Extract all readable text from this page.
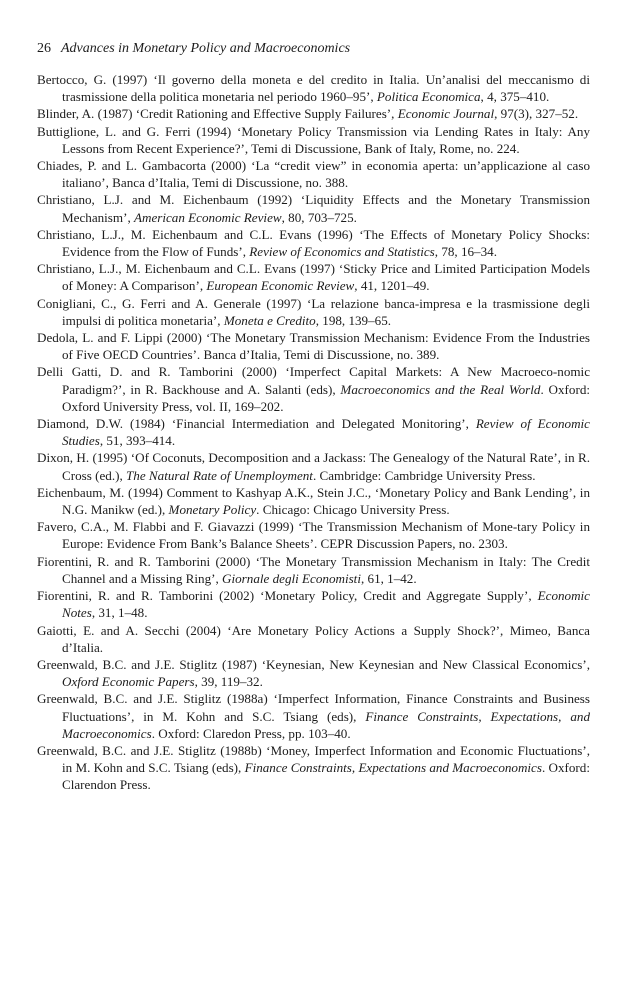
26 Advances in Monetary Policy and Macroeconomics
Bertocco, G. (1997) ‘Il governo della moneta e del credito in Italia. Un’analisi del meccanismo di trasmissione della politica monetaria nel periodo 1960–95’, Politica Economica, 4, 375–410.
Blinder, A. (1987) ‘Credit Rationing and Effective Supply Failures’, Economic Journal, 97(3), 327–52.
Buttiglione, L. and G. Ferri (1994) ‘Monetary Policy Transmission via Lending Rates in Italy: Any Lessons from Recent Experience?’, Temi di Discussione, Bank of Italy, Rome, no. 224.
Chiades, P. and L. Gambacorta (2000) ‘La “credit view” in economia aperta: un’applicazione al caso italiano’, Banca d’Italia, Temi di Discussione, no. 388.
Christiano, L.J. and M. Eichenbaum (1992) ‘Liquidity Effects and the Monetary Transmission Mechanism’, American Economic Review, 80, 703–725.
Christiano, L.J., M. Eichenbaum and C.L. Evans (1996) ‘The Effects of Monetary Policy Shocks: Evidence from the Flow of Funds’, Review of Economics and Statistics, 78, 16–34.
Christiano, L.J., M. Eichenbaum and C.L. Evans (1997) ‘Sticky Price and Limited Participation Models of Money: A Comparison’, European Economic Review, 41, 1201–49.
Conigliani, C., G. Ferri and A. Generale (1997) ‘La relazione banca-impresa e la trasmissione degli impulsi di politica monetaria’, Moneta e Credito, 198, 139–65.
Dedola, L. and F. Lippi (2000) ‘The Monetary Transmission Mechanism: Evidence From the Industries of Five OECD Countries’. Banca d’Italia, Temi di Discussione, no. 389.
Delli Gatti, D. and R. Tamborini (2000) ‘Imperfect Capital Markets: A New Macroeco-nomic Paradigm?’, in R. Backhouse and A. Salanti (eds), Macroeconomics and the Real World. Oxford: Oxford University Press, vol. II, 169–202.
Diamond, D.W. (1984) ‘Financial Intermediation and Delegated Monitoring’, Review of Economic Studies, 51, 393–414.
Dixon, H. (1995) ‘Of Coconuts, Decomposition and a Jackass: The Genealogy of the Natural Rate’, in R. Cross (ed.), The Natural Rate of Unemployment. Cambridge: Cambridge University Press.
Eichenbaum, M. (1994) Comment to Kashyap A.K., Stein J.C., ‘Monetary Policy and Bank Lending’, in N.G. Manikw (ed.), Monetary Policy. Chicago: Chicago University Press.
Favero, C.A., M. Flabbi and F. Giavazzi (1999) ‘The Transmission Mechanism of Mone-tary Policy in Europe: Evidence From Bank’s Balance Sheets’. CEPR Discussion Papers, no. 2303.
Fiorentini, R. and R. Tamborini (2000) ‘The Monetary Transmission Mechanism in Italy: The Credit Channel and a Missing Ring’, Giornale degli Economisti, 61, 1–42.
Fiorentini, R. and R. Tamborini (2002) ‘Monetary Policy, Credit and Aggregate Supply’, Economic Notes, 31, 1–48.
Gaiotti, E. and A. Secchi (2004) ‘Are Monetary Policy Actions a Supply Shock?’, Mimeo, Banca d’Italia.
Greenwald, B.C. and J.E. Stiglitz (1987) ‘Keynesian, New Keynesian and New Classical Economics’, Oxford Economic Papers, 39, 119–32.
Greenwald, B.C. and J.E. Stiglitz (1988a) ‘Imperfect Information, Finance Constraints and Business Fluctuations’, in M. Kohn and S.C. Tsiang (eds), Finance Constraints, Expectations, and Macroeconomics. Oxford: Claredon Press, pp. 103–40.
Greenwald, B.C. and J.E. Stiglitz (1988b) ‘Money, Imperfect Information and Economic Fluctuations’, in M. Kohn and S.C. Tsiang (eds), Finance Constraints, Expectations and Macroeconomics. Oxford: Clarendon Press.
